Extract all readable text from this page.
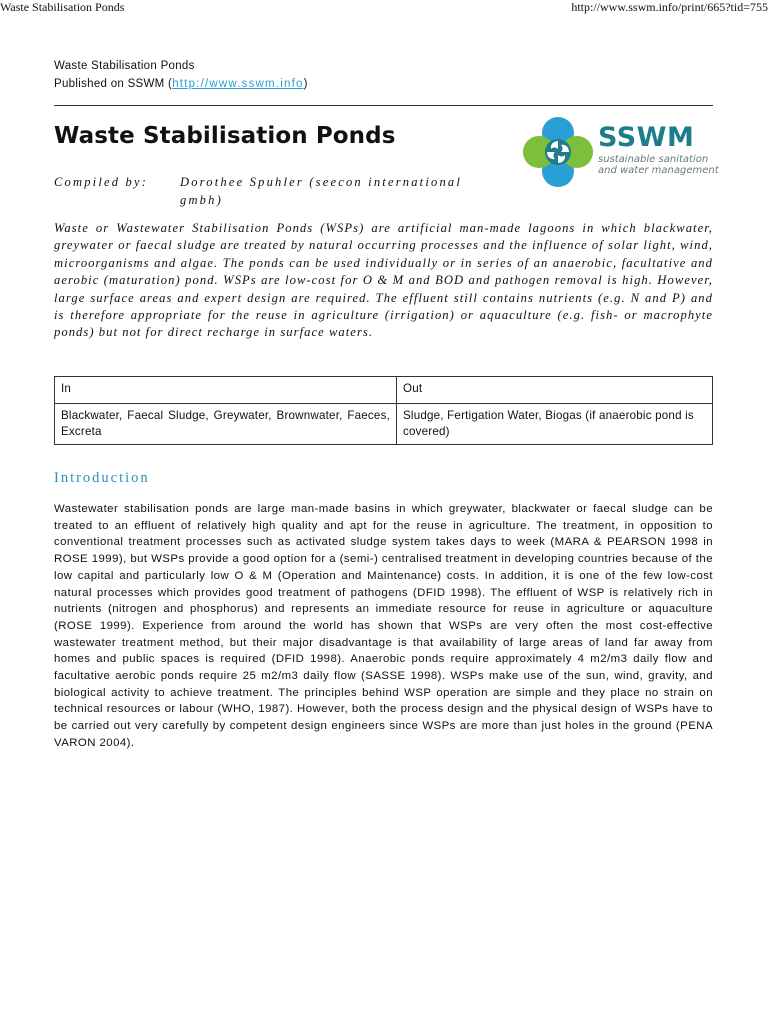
Waste Stabilisation Ponds	http://www.sswm.info/print/665?tid=755
Waste Stabilisation Ponds
Published on SSWM (http://www.sswm.info)
Waste Stabilisation Ponds	SSWM
sustainable sanitation
and water management
Compiled by:	Dorothee Spuhler (seecon international gmbh)

Waste or Wastewater Stabilisation Ponds (WSPs) are artificial man-made lagoons in which blackwater, greywater or faecal sludge are treated by natural occurring processes and the influence of solar light, wind, microorganisms and algae. The ponds can be used individually or in series of an anaerobic, facultative and aerobic (maturation) pond. WSPs are low-cost for O & M and BOD and pathogen removal is high. However, large surface areas and expert design are required. The effluent still contains nutrients (e.g. N and P) and is therefore appropriate for the reuse in agriculture (irrigation) or aquaculture (e.g. fish- or macrophyte ponds) but not for direct recharge in surface waters.

In	Out
Blackwater, Faecal Sludge, Greywater, Brownwater, Faeces, Excreta	Sludge, Fertigation Water, Biogas (if anaerobic pond is covered)
Introduction

Wastewater stabilisation ponds are large man-made basins in which greywater, blackwater or faecal sludge can be treated to an effluent of relatively high quality and apt for the reuse in agriculture. The treatment, in opposition to conventional treatment processes such as activated sludge system takes days to week (MARA & PEARSON 1998 in ROSE 1999), but WSPs provide a good option for a (semi-) centralised treatment in developing countries because of the low capital and particularly low O & M (Operation and Maintenance) costs. In addition, it is one of the few low-cost natural processes which provides good treatment of pathogens (DFID 1998). The effluent of WSP is relatively rich in nutrients (nitrogen and phosphorus) and represents an immediate resource for reuse in agriculture or aquaculture (ROSE 1999). Experience from around the world has shown that WSPs are very often the most cost-effective wastewater treatment method, but their major disadvantage is that availability of large areas of land far away from homes and public spaces is required (DFID 1998). Anaerobic ponds require approximately 4 m2/m3 daily flow and facultative aerobic ponds require 25 m2/m3 daily flow (SASSE 1998). WSPs make use of the sun, wind, gravity, and biological activity to achieve treatment. The principles behind WSP operation are simple and they place no strain on technical resources or labour (WHO, 1987). However, both the process design and the physical design of WSPs have to be carried out very carefully by competent design engineers since WSPs are more than just holes in the ground (PENA VARON 2004).
